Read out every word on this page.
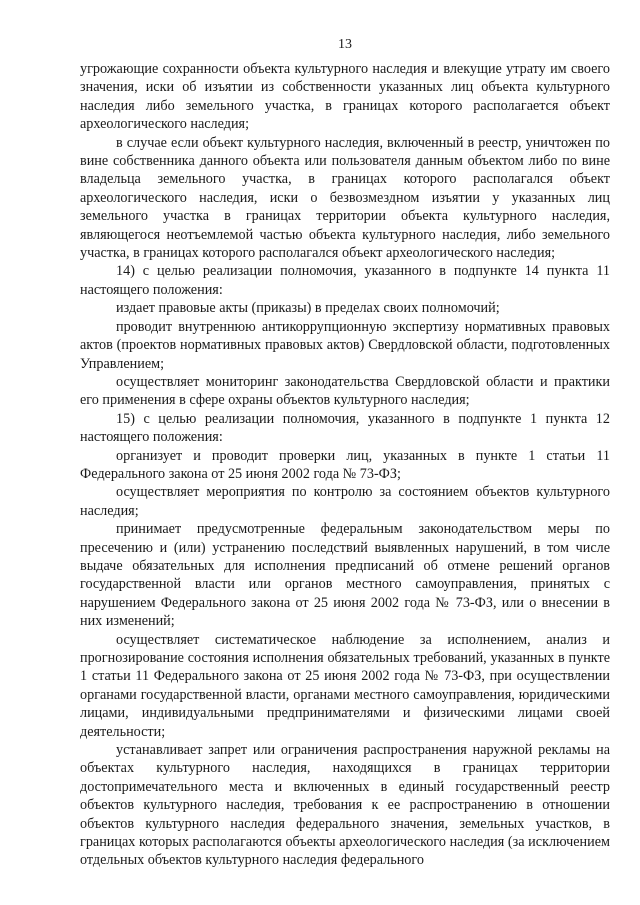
13

угрожающие сохранности объекта культурного наследия и влекущие утрату им своего значения, иски об изъятии из собственности указанных лиц объекта культурного наследия либо земельного участка, в границах которого располагается объект археологического наследия;

в случае если объект культурного наследия, включенный в реестр, уничтожен по вине собственника данного объекта или пользователя данным объектом либо по вине владельца земельного участка, в границах которого располагался объект археологического наследия, иски о безвозмездном изъятии у указанных лиц земельного участка в границах территории объекта культурного наследия, являющегося неотъемлемой частью объекта культурного наследия, либо земельного участка, в границах которого располагался объект археологического наследия;

14) с целью реализации полномочия, указанного в подпункте 14 пункта 11 настоящего положения:

издает правовые акты (приказы) в пределах своих полномочий;

проводит внутреннюю антикоррупционную экспертизу нормативных правовых актов (проектов нормативных правовых актов) Свердловской области, подготовленных Управлением;

осуществляет мониторинг законодательства Свердловской области и практики его применения в сфере охраны объектов культурного наследия;

15) с целью реализации полномочия, указанного в подпункте 1 пункта 12 настоящего положения:

организует и проводит проверки лиц, указанных в пункте 1 статьи 11 Федерального закона от 25 июня 2002 года № 73-ФЗ;

осуществляет мероприятия по контролю за состоянием объектов культурного наследия;

принимает предусмотренные федеральным законодательством меры по пресечению и (или) устранению последствий выявленных нарушений, в том числе выдаче обязательных для исполнения предписаний об отмене решений органов государственной власти или органов местного самоуправления, принятых с нарушением Федерального закона от 25 июня 2002 года № 73-ФЗ, или о внесении в них изменений;

осуществляет систематическое наблюдение за исполнением, анализ и прогнозирование состояния исполнения обязательных требований, указанных в пункте 1 статьи 11 Федерального закона от 25 июня 2002 года № 73-ФЗ, при осуществлении органами государственной власти, органами местного самоуправления, юридическими лицами, индивидуальными предпринимателями и физическими лицами своей деятельности;

устанавливает запрет или ограничения распространения наружной рекламы на объектах культурного наследия, находящихся в границах территории достопримечательного места и включенных в единый государственный реестр объектов культурного наследия, требования к ее распространению в отношении объектов культурного наследия федерального значения, земельных участков, в границах которых располагаются объекты археологического наследия (за исключением отдельных объектов культурного наследия федерального
